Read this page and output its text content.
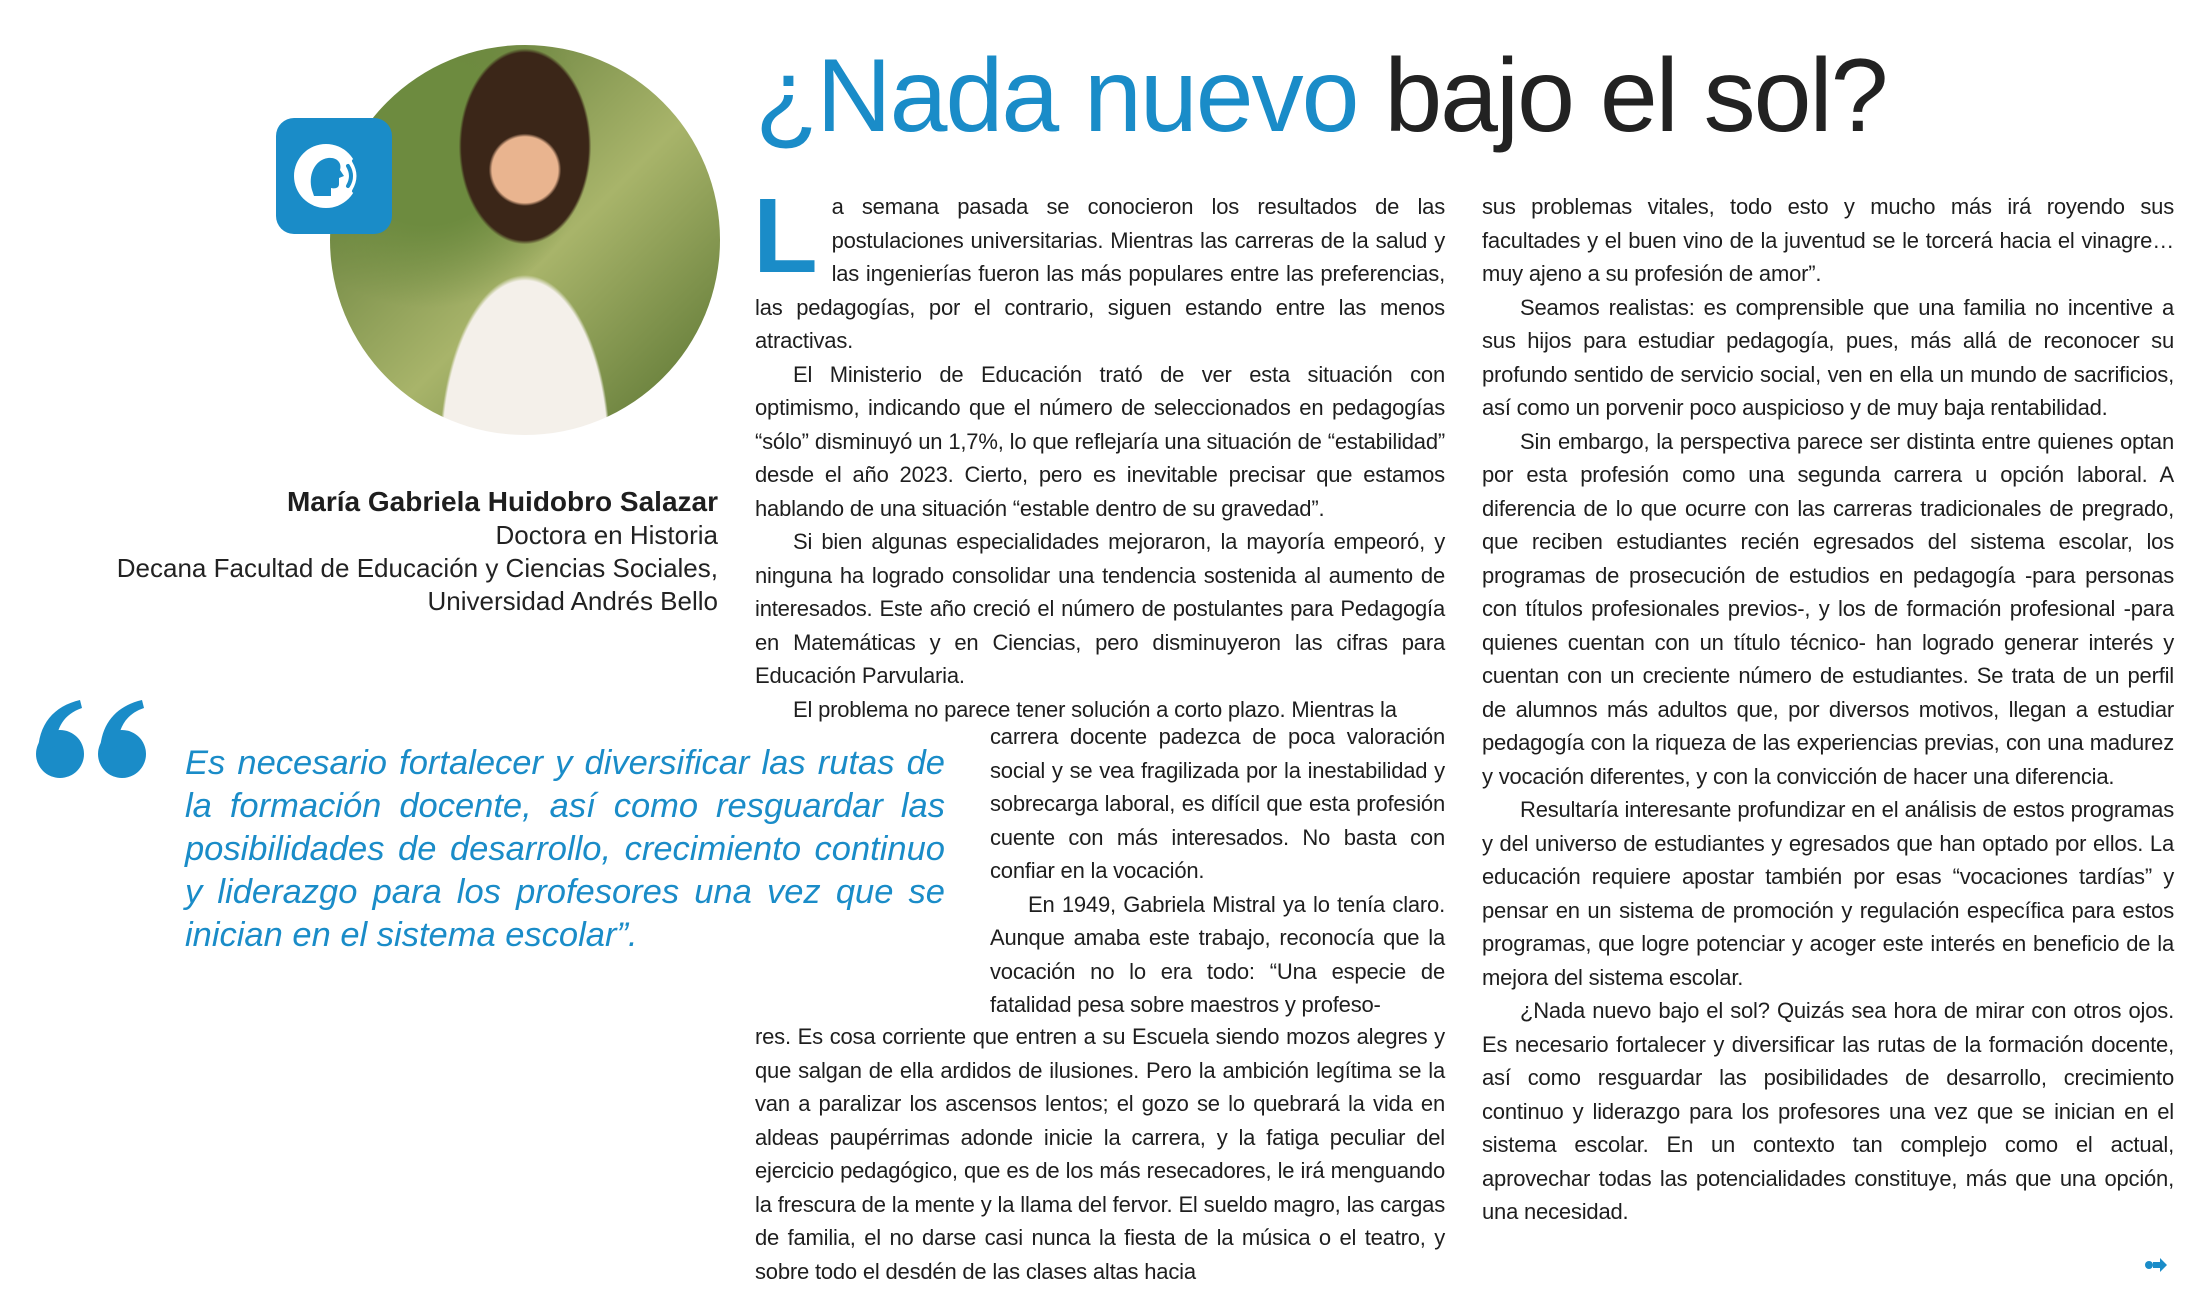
¿Nada nuevo bajo el sol?
María Gabriela Huidobro Salazar
Doctora en Historia
Decana Facultad de Educación y Ciencias Sociales,
Universidad Andrés Bello

Es necesario fortalecer y diversificar las rutas de la formación docente, así como resguardar las posibilidades de desarrollo, crecimiento continuo y liderazgo para los profesores una vez que se inician en el sistema escolar”.

La semana pasada se conocieron los resultados de las postulaciones universitarias. Mientras las carreras de la salud y las ingenierías fueron las más populares entre las preferencias, las pedagogías, por el contrario, siguen estando entre las menos atractivas.

El Ministerio de Educación trató de ver esta situación con optimismo, indicando que el número de seleccionados en pedagogías “sólo” disminuyó un 1,7%, lo que reflejaría una situación de “estabilidad” desde el año 2023. Cierto, pero es inevitable precisar que estamos hablando de una situación “estable dentro de su gravedad”.

Si bien algunas especialidades mejoraron, la mayoría empeoró, y ninguna ha logrado consolidar una tendencia sostenida al aumento de interesados. Este año creció el número de postulantes para Pedagogía en Matemáticas y en Ciencias, pero disminuyeron las cifras para Educación Parvularia.

El problema no parece tener solución a corto plazo. Mientras la

carrera docente padezca de poca valoración social y se vea fragilizada por la inestabilidad y sobrecarga laboral, es difícil que esta profesión cuente con más interesados. No basta con confiar en la vocación.

En 1949, Gabriela Mistral ya lo tenía claro. Aunque amaba este trabajo, reconocía que la vocación no lo era todo: “Una especie de fatalidad pesa sobre maestros y profeso-

res. Es cosa corriente que entren a su Escuela siendo mozos alegres y que salgan de ella ardidos de ilusiones. Pero la ambición legítima se la van a paralizar los ascensos lentos; el gozo se lo quebrará la vida en aldeas paupérrimas adonde inicie la carrera, y la fatiga peculiar del ejercicio pedagógico, que es de los más resecadores, le irá menguando la frescura de la mente y la llama del fervor. El sueldo magro, las cargas de familia, el no darse casi nunca la fiesta de la música o el teatro, y sobre todo el desdén de las clases altas hacia

sus problemas vitales, todo esto y mucho más irá royendo sus facultades y el buen vino de la juventud se le torcerá hacia el vinagre… muy ajeno a su profesión de amor”.

Seamos realistas: es comprensible que una familia no incentive a sus hijos para estudiar pedagogía, pues, más allá de reconocer su profundo sentido de servicio social, ven en ella un mundo de sacrificios, así como un porvenir poco auspicioso y de muy baja rentabilidad.

Sin embargo, la perspectiva parece ser distinta entre quienes optan por esta profesión como una segunda carrera u opción laboral. A diferencia de lo que ocurre con las carreras tradicionales de pregrado, que reciben estudiantes recién egresados del sistema escolar, los programas de prosecución de estudios en pedagogía -para personas con títulos profesionales previos-, y los de formación profesional -para quienes cuentan con un título técnico- han logrado generar interés y cuentan con un creciente número de estudiantes. Se trata de un perfil de alumnos más adultos que, por diversos motivos, llegan a estudiar pedagogía con la riqueza de las experiencias previas, con una madurez y vocación diferentes, y con la convicción de hacer una diferencia.

Resultaría interesante profundizar en el análisis de estos programas y del universo de estudiantes y egresados que han optado por ellos. La educación requiere apostar también por esas “vocaciones tardías” y pensar en un sistema de promoción y regulación específica para estos programas, que logre potenciar y acoger este interés en beneficio de la mejora del sistema escolar.

¿Nada nuevo bajo el sol? Quizás sea hora de mirar con otros ojos. Es necesario fortalecer y diversificar las rutas de la formación docente, así como resguardar las posibilidades de desarrollo, crecimiento continuo y liderazgo para los profesores una vez que se inician en el sistema escolar. En un contexto tan complejo como el actual, aprovechar todas las potencialidades constituye, más que una opción, una necesidad.
